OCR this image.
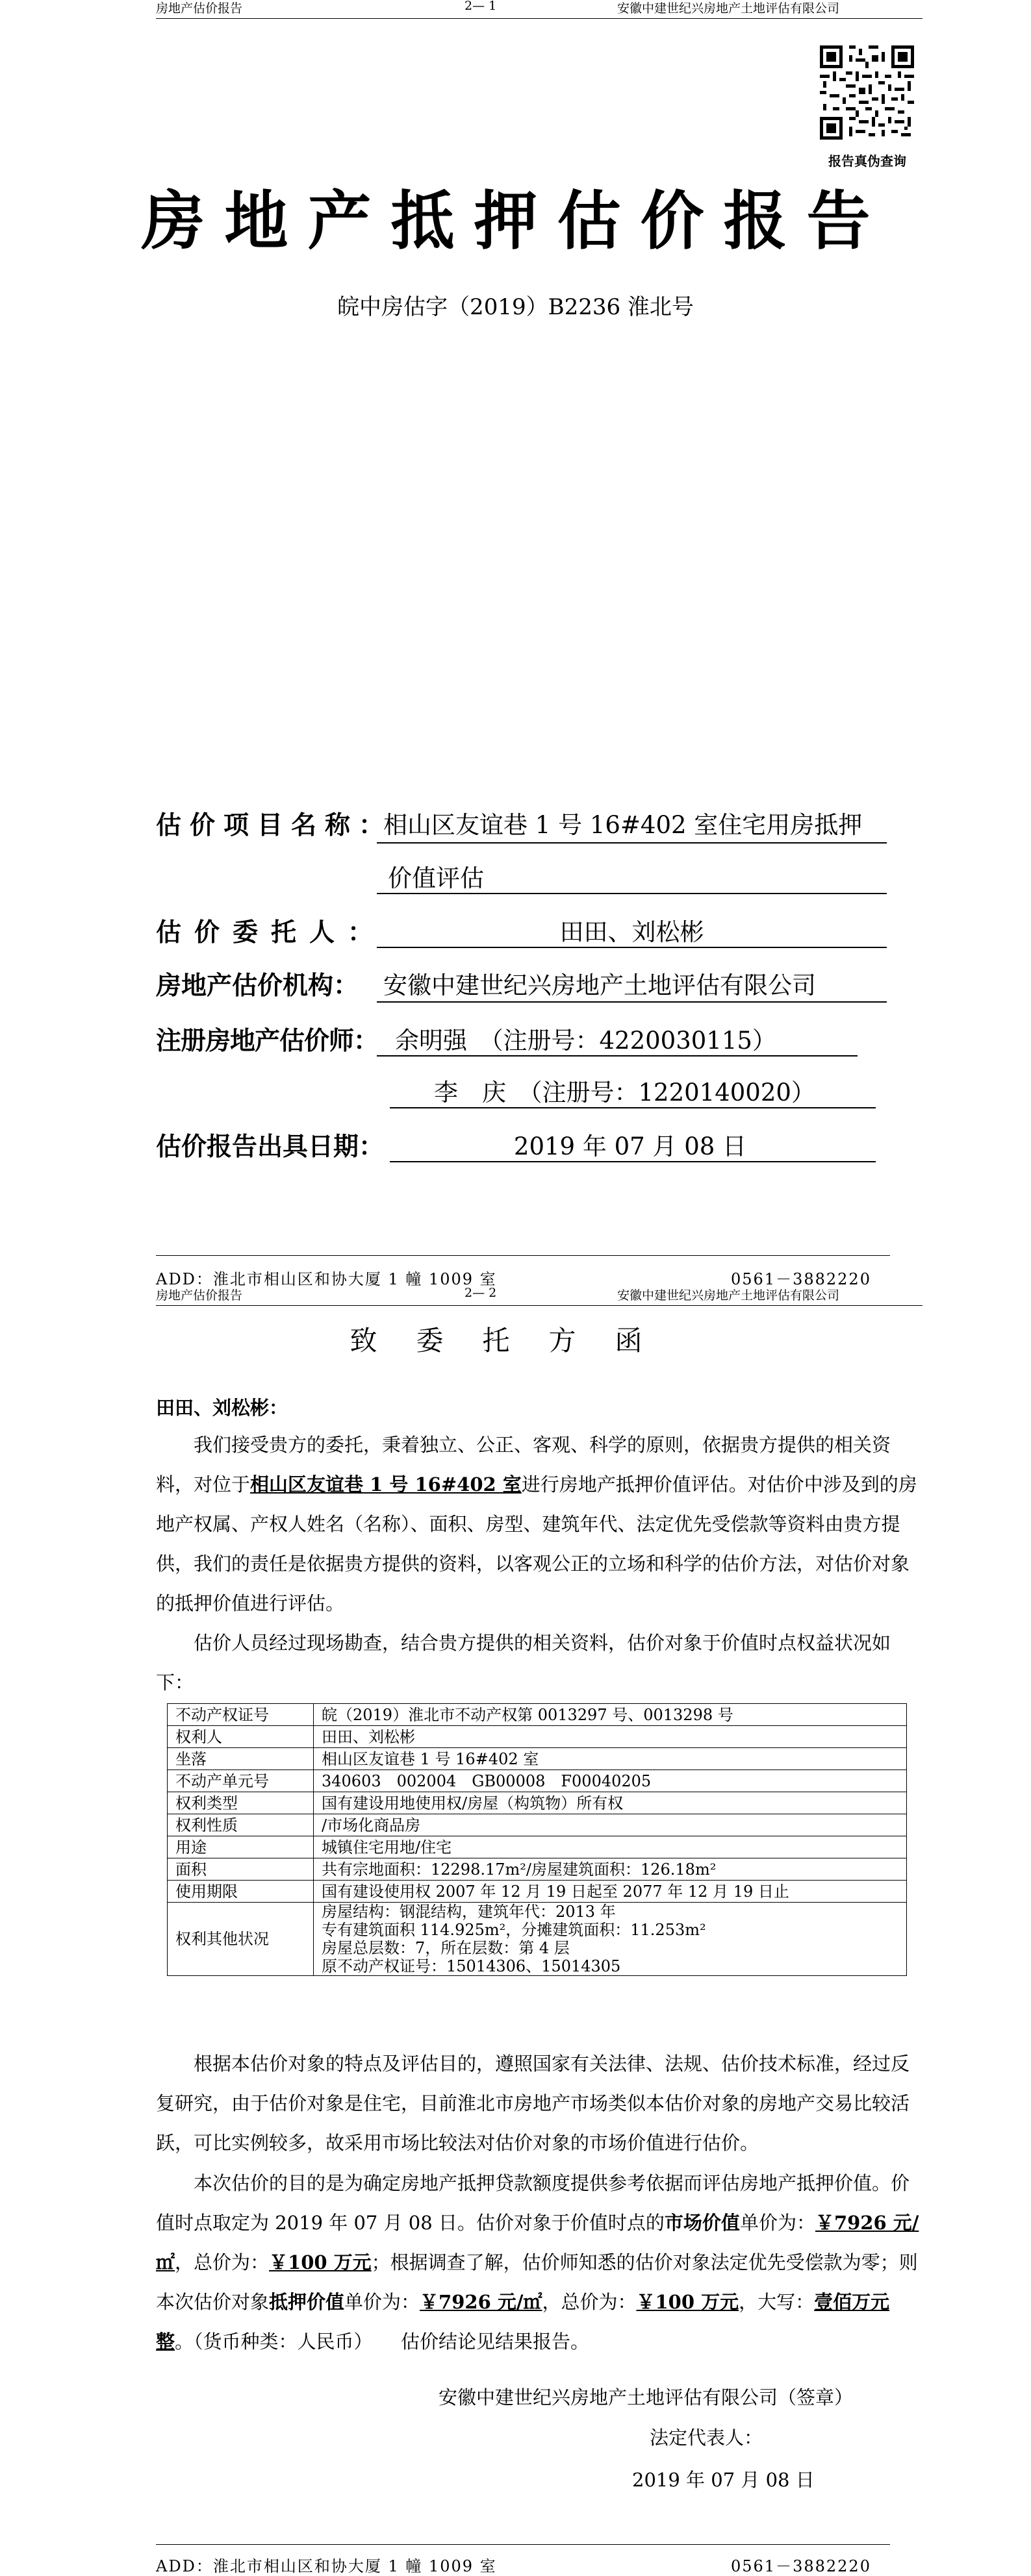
房地产估价报告	2— 1	安徽中建世纪兴房地产土地评估有限公司
报告真伪查询
房地产抵押估价报告
皖中房估字（2019）B2236 淮北号
估价项目名称：
相山区友谊巷 1 号 16#402 室住宅用房抵押
价值评估
估价委托人：	田田、刘松彬
房地产估价机构： 安徽中建世纪兴房地产土地评估有限公司
注册房地产估价师： 余明强　（注册号：4220030115）
李　庆　（注册号：1220140020）
估价报告出具日期：	2019 年 07 月 08 日
ADD：淮北市相山区和协大厦 1 幢 1009 室	0561－3882220
房地产估价报告	2— 2	安徽中建世纪兴房地产土地评估有限公司
致委托方函
田田、刘松彬：
我们接受贵方的委托，秉着独立、公正、客观、科学的原则，依据贵方提供的相关资料，对位于相山区友谊巷 1 号 16#402 室进行房地产抵押价值评估。对估价中涉及到的房地产权属、产权人姓名（名称）、面积、房型、建筑年代、法定优先受偿款等资料由贵方提供，我们的责任是依据贵方提供的资料，以客观公正的立场和科学的估价方法，对估价对象的抵押价值进行评估。
估价人员经过现场勘查，结合贵方提供的相关资料，估价对象于价值时点权益状况如下：
不动产权证号	皖（2019）淮北市不动产权第 0013297 号、0013298 号

权利人	田田、刘松彬

坐落	相山区友谊巷 1 号 16#402 室

不动产单元号	340603　002004　GB00008　F00040205

权利类型	国有建设用地使用权/房屋（构筑物）所有权

权利性质	/市场化商品房

用途	城镇住宅用地/住宅

面积	共有宗地面积：12298.17m²/房屋建筑面积：126.18m²

使用期限	国有建设使用权 2007 年 12 月 19 日起至 2077 年 12 月 19 日止

权利其他状况	房屋结构：钢混结构，建筑年代：2013 年
专有建筑面积 114.925m²，分摊建筑面积：11.253m²
房屋总层数：7，所在层数：第 4 层
原不动产权证号：15014306、15014305
根据本估价对象的特点及评估目的，遵照国家有关法律、法规、估价技术标准，经过反复研究，由于估价对象是住宅，目前淮北市房地产市场类似本估价对象的房地产交易比较活跃，可比实例较多，故采用市场比较法对估价对象的市场价值进行估价。
本次估价的目的是为确定房地产抵押贷款额度提供参考依据而评估房地产抵押价值。价值时点取定为 2019 年 07 月 08 日。估价对象于价值时点的市场价值单价为：￥7926 元/㎡，总价为：￥100 万元；根据调查了解，估价师知悉的估价对象法定优先受偿款为零；则本次估价对象抵押价值单价为：￥7926 元/㎡，总价为：￥100 万元，大写：壹佰万元整。（货币种类：人民币）　　估价结论见结果报告。
安徽中建世纪兴房地产土地评估有限公司（签章）
法定代表人：
2019 年 07 月 08 日
ADD：淮北市相山区和协大厦 1 幢 1009 室	0561－3882220
